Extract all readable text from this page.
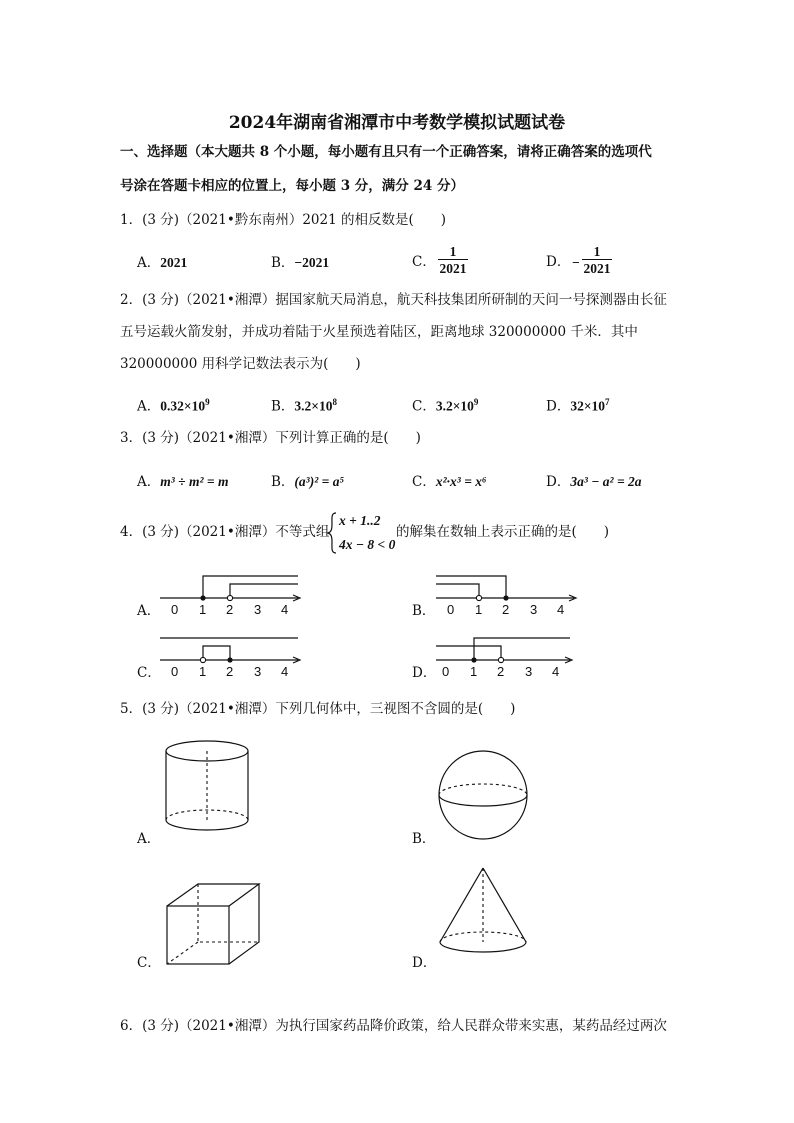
2024年湖南省湘潭市中考数学模拟试题试卷
一、选择题（本大题共 8 个小题，每小题有且只有一个正确答案，请将正确答案的选项代
号涂在答题卡相应的位置上，每小题 3 分，满分 24 分）
1．(3 分)（2021•黔东南州）2021 的相反数是(　　)
A．2021	B．−2021	C．
1
2021	D． −
1
2021
2．(3 分)（2021•湘潭）据国家航天局消息，航天科技集团所研制的天问一号探测器由长征
五号运载火箭发射，并成功着陆于火星预选着陆区，距离地球 320000000 千米．其中
320000000 用科学记数法表示为(　　)
A．$0.32\times 10^9$	B．$3.2\times 10^8$	C．$3.2\times 10^9$	D．$32\times 10^7$
3．(3 分)（2021•湘潭）下列计算正确的是(　　)
A．m³ ÷ m² = m	B．(a³)² = a⁵	C．x²·x³ = x⁶	D．3a³ − a² = 2a
4．(3 分)（2021•湘潭）不等式组
x + 1..2
4x − 8 < 0
的解集在数轴上表示正确的是(　　)
A． 0 1 2 3 4	B． 0 1 2 3 4
C． 0 1 2 3 4	D． 0 1 2 3 4
5．(3 分)（2021•湘潭）下列几何体中，三视图不含圆的是(　　)
A．	B．
C．	D．
6．(3 分)（2021•湘潭）为执行国家药品降价政策，给人民群众带来实惠，某药品经过两次
